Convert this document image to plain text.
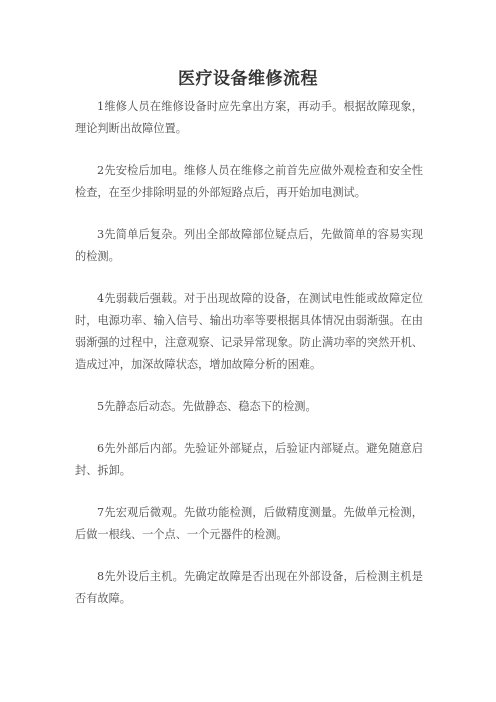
医疗设备维修流程

1维修人员在维修设备时应先拿出方案，再动手。根据故障现象，理论判断出故障位置。

2先安检后加电。维修人员在维修之前首先应做外观检查和安全性检查，在至少排除明显的外部短路点后，再开始加电测试。

3先简单后复杂。列出全部故障部位疑点后，先做简单的容易实现的检测。

4先弱载后强载。对于出现故障的设备，在测试电性能或故障定位时，电源功率、输入信号、输出功率等要根据具体情况由弱渐强。在由弱渐强的过程中，注意观察、记录异常现象。防止满功率的突然开机、造成过冲，加深故障状态，增加故障分析的困难。

5先静态后动态。先做静态、稳态下的检测。

6先外部后内部。先验证外部疑点，后验证内部疑点。避免随意启封、拆卸。

7先宏观后微观。先做功能检测，后做精度测量。先做单元检测，后做一根线、一个点、一个元器件的检测。

8先外设后主机。先确定故障是否出现在外部设备，后检测主机是否有故障。
